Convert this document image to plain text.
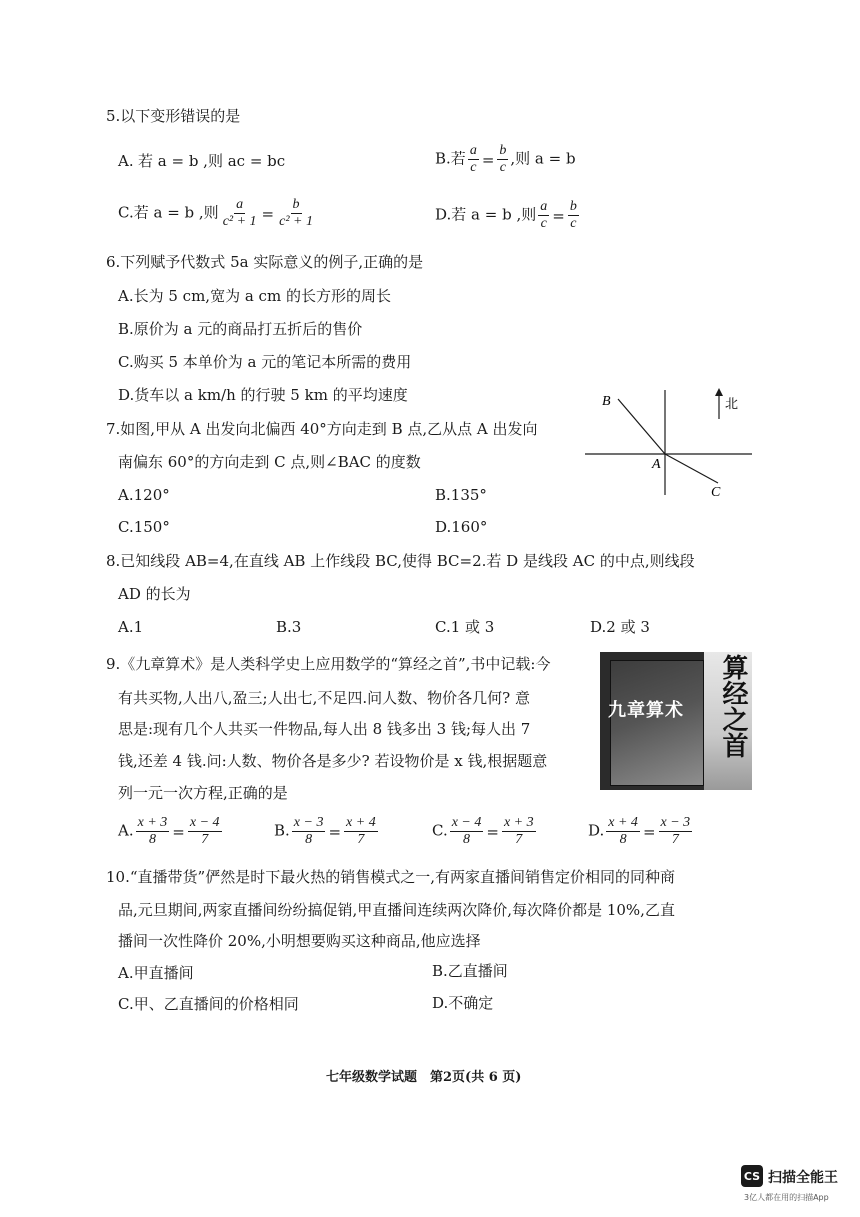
5.以下变形错误的是
A. 若 a = b ,则 ac = bc	B.若 $\frac{a}{c} = \frac{b}{c}$ ,则 a = b
C.若 a = b ,则 $\frac{a}{\text{c² + 1}} = \frac{b}{\text{c² + 1}}$	D.若 a = b ,则 $\frac{a}{c} = \frac{b}{c}$
6.下列赋予代数式 5a 实际意义的例子,正确的是
A.长为 5 cm,宽为 a cm 的长方形的周长
B.原价为 a 元的商品打五折后的售价
C.购买 5 本单价为 a 元的笔记本所需的费用
D.货车以 a km/h 的行驶 5 km 的平均速度
7.如图,甲从 A 出发向北偏西 40°方向走到 B 点,乙从点 A 出发向
南偏东 60°的方向走到 C 点,则∠BAC 的度数
A.120°	B.135°
C.150°	D.160°
B
A
C
北
8.已知线段 AB=4,在直线 AB 上作线段 BC,使得 BC=2.若 D 是线段 AC 的中点,则线段
AD 的长为
A.1	B.3	C.1 或 3	D.2 或 3
9.《九章算术》是人类科学史上应用数学的“算经之首”,书中记载:今
有共买物,人出八,盈三;人出七,不足四.问人数、物价各几何? 意
思是:现有几个人共买一件物品,每人出 8 钱多出 3 钱;每人出 7
钱,还差 4 钱.问:人数、物价各是多少? 若设物价是 x 钱,根据题意
列一元一次方程,正确的是
九章算术 算经之首
A. $\frac{x + 3}{8} = \frac{x - 4}{7}$	B. $\frac{x - 3}{8} = \frac{x + 4}{7}$	C. $\frac{x - 4}{8} = \frac{x + 3}{7}$	D. $\frac{x + 4}{8} = \frac{x - 3}{7}$
10.“直播带货”俨然是时下最火热的销售模式之一,有两家直播间销售定价相同的同种商
品,元旦期间,两家直播间纷纷搞促销,甲直播间连续两次降价,每次降价都是 10%,乙直
播间一次性降价 20%,小明想要购买这种商品,他应选择
A.甲直播间	B.乙直播间
C.甲、乙直播间的价格相同	D.不确定
七年级数学试题　第2页(共 6 页)
CS 扫描全能王
3亿人都在用的扫描App
